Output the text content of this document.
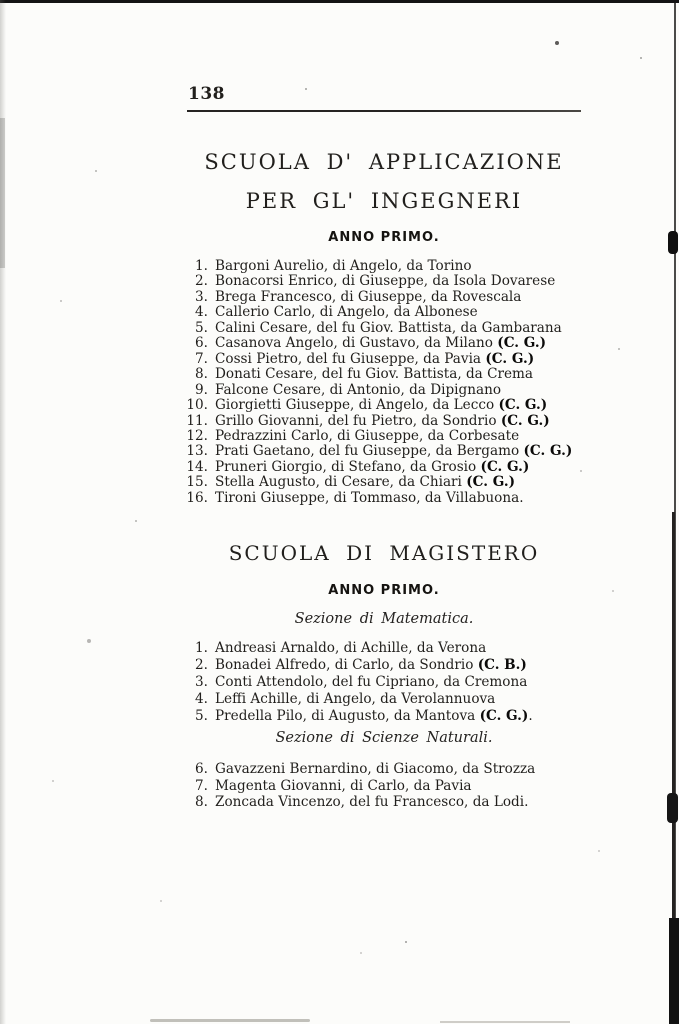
138
SCUOLA D' APPLICAZIONE
PER GL' INGEGNERI
ANNO PRIMO.
1. Bargoni Aurelio, di Angelo, da Torino
2. Bonacorsi Enrico, di Giuseppe, da Isola Dovarese
3. Brega Francesco, di Giuseppe, da Rovescala
4. Callerio Carlo, di Angelo, da Albonese
5. Calini Cesare, del fu Giov. Battista, da Gambarana
6. Casanova Angelo, di Gustavo, da Milano (C. G.)
7. Cossi Pietro, del fu Giuseppe, da Pavia (C. G.)
8. Donati Cesare, del fu Giov. Battista, da Crema
9. Falcone Cesare, di Antonio, da Dipignano
10. Giorgietti Giuseppe, di Angelo, da Lecco (C. G.)
11. Grillo Giovanni, del fu Pietro, da Sondrio (C. G.)
12. Pedrazzini Carlo, di Giuseppe, da Corbesate
13. Prati Gaetano, del fu Giuseppe, da Bergamo (C. G.)
14. Pruneri Giorgio, di Stefano, da Grosio (C. G.)
15. Stella Augusto, di Cesare, da Chiari (C. G.)
16. Tironi Giuseppe, di Tommaso, da Villabuona.
SCUOLA DI MAGISTERO
ANNO PRIMO.
Sezione di Matematica.
1. Andreasi Arnaldo, di Achille, da Verona
2. Bonadei Alfredo, di Carlo, da Sondrio (C. B.)
3. Conti Attendolo, del fu Cipriano, da Cremona
4. Leffi Achille, di Angelo, da Verolannuova
5. Predella Pilo, di Augusto, da Mantova (C. G.).
Sezione di Scienze Naturali.
6. Gavazzeni Bernardino, di Giacomo, da Strozza
7. Magenta Giovanni, di Carlo, da Pavia
8. Zoncada Vincenzo, del fu Francesco, da Lodi.
